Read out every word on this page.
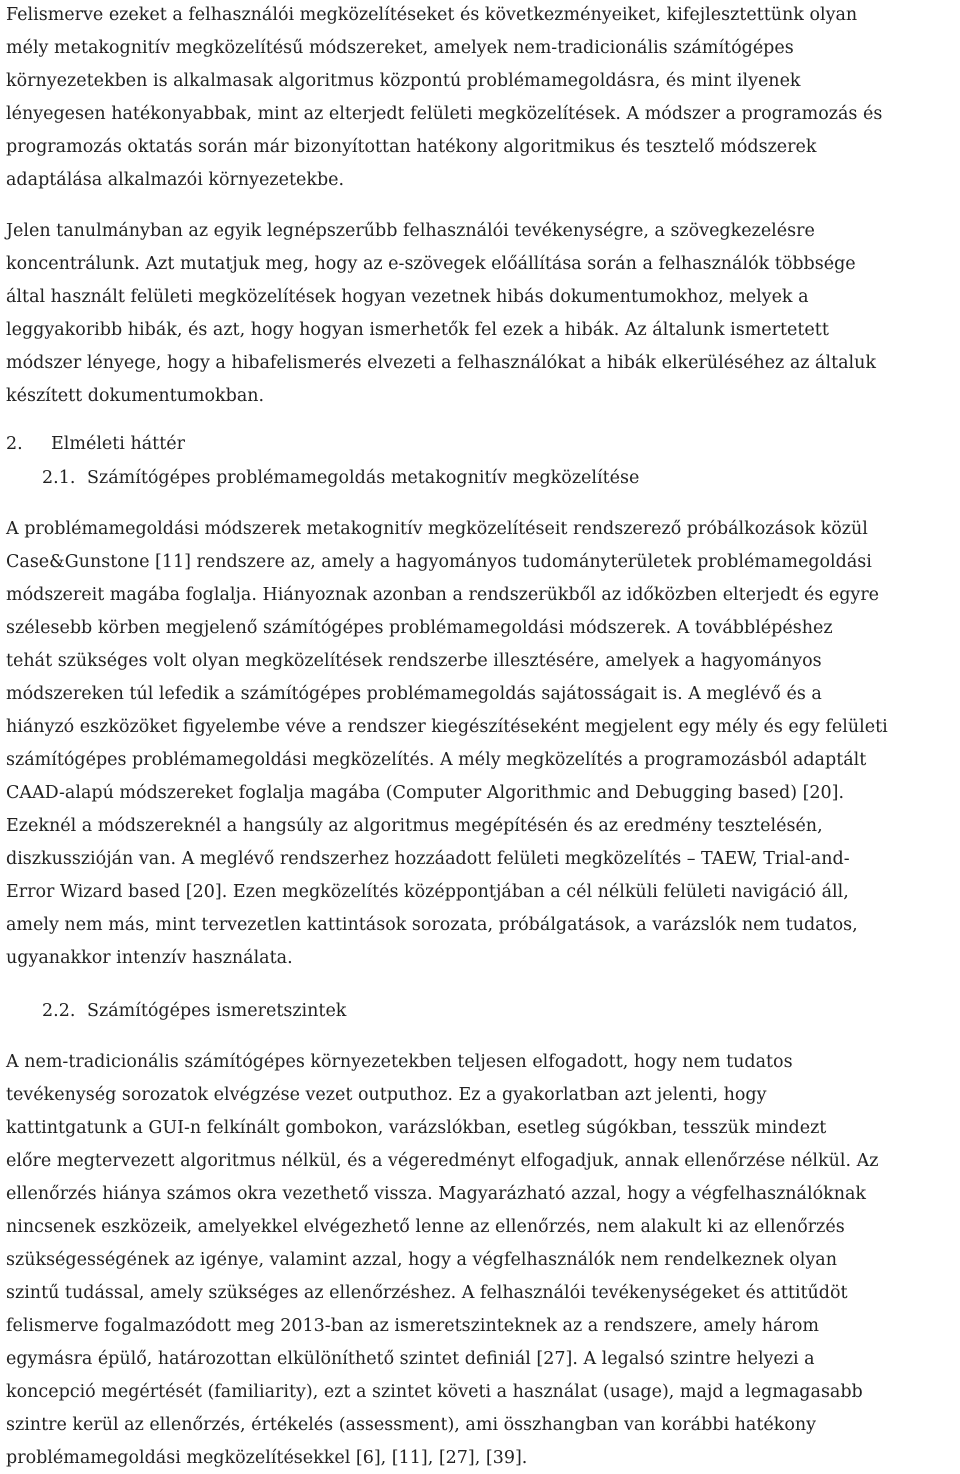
Felismerve ezeket a felhasználói megközelítéseket és következményeiket, kifejlesztettünk olyan
mély metakognitív megközelítésű módszereket, amelyek nem-tradicionális számítógépes
környezetekben is alkalmasak algoritmus központú problémamegoldásra, és mint ilyenek
lényegesen hatékonyabbak, mint az elterjedt felületi megközelítések. A módszer a programozás és
programozás oktatás során már bizonyítottan hatékony algoritmikus és tesztelő módszerek
adaptálása alkalmazói környezetekbe.
Jelen tanulmányban az egyik legnépszerűbb felhasználói tevékenységre, a szövegkezelésre
koncentrálunk. Azt mutatjuk meg, hogy az e-szövegek előállítása során a felhasználók többsége
által használt felületi megközelítések hogyan vezetnek hibás dokumentumokhoz, melyek a
leggyakoribb hibák, és azt, hogy hogyan ismerhetők fel ezek a hibák. Az általunk ismertetett
módszer lényege, hogy a hibafelismerés elvezeti a felhasználókat a hibák elkerüléséhez az általuk
készített dokumentumokban.
2. Elméleti háttér
2.1. Számítógépes problémamegoldás metakognitív megközelítése
A problémamegoldási módszerek metakognitív megközelítéseit rendszerező próbálkozások közül
Case&Gunstone [11] rendszere az, amely a hagyományos tudományterületek problémamegoldási
módszereit magába foglalja. Hiányoznak azonban a rendszerükből az időközben elterjedt és egyre
szélesebb körben megjelenő számítógépes problémamegoldási módszerek. A továbblépéshez
tehát szükséges volt olyan megközelítések rendszerbe illesztésére, amelyek a hagyományos
módszereken túl lefedik a számítógépes problémamegoldás sajátosságait is. A meglévő és a
hiányzó eszközöket figyelembe véve a rendszer kiegészítéseként megjelent egy mély és egy felületi
számítógépes problémamegoldási megközelítés. A mély megközelítés a programozásból adaptált
CAAD-alapú módszereket foglalja magába (Computer Algorithmic and Debugging based) [20].
Ezeknél a módszereknél a hangsúly az algoritmus megépítésén és az eredmény tesztelésén,
diszkusszióján van. A meglévő rendszerhez hozzáadott felületi megközelítés – TAEW, Trial-and-
Error Wizard based [20]. Ezen megközelítés középpontjában a cél nélküli felületi navigáció áll,
amely nem más, mint tervezetlen kattintások sorozata, próbálgatások, a varázslók nem tudatos,
ugyanakkor intenzív használata.
2.2. Számítógépes ismeretszintek
A nem-tradicionális számítógépes környezetekben teljesen elfogadott, hogy nem tudatos
tevékenység sorozatok elvégzése vezet outputhoz. Ez a gyakorlatban azt jelenti, hogy
kattintgatunk a GUI-n felkínált gombokon, varázslókban, esetleg súgókban, tesszük mindezt
előre megtervezett algoritmus nélkül, és a végeredményt elfogadjuk, annak ellenőrzése nélkül. Az
ellenőrzés hiánya számos okra vezethető vissza. Magyarázható azzal, hogy a végfelhasználóknak
nincsenek eszközeik, amelyekkel elvégezhető lenne az ellenőrzés, nem alakult ki az ellenőrzés
szükségességének az igénye, valamint azzal, hogy a végfelhasználók nem rendelkeznek olyan
szintű tudással, amely szükséges az ellenőrzéshez. A felhasználói tevékenységeket és attitűdöt
felismerve fogalmazódott meg 2013-ban az ismeretszinteknek az a rendszere, amely három
egymásra épülő, határozottan elkülöníthető szintet definiál [27]. A legalsó szintre helyezi a
koncepció megértését (familiarity), ezt a szintet követi a használat (usage), majd a legmagasabb
szintre kerül az ellenőrzés, értékelés (assessment), ami összhangban van korábbi hatékony
problémamegoldási megközelítésekkel [6], [11], [27], [39].
